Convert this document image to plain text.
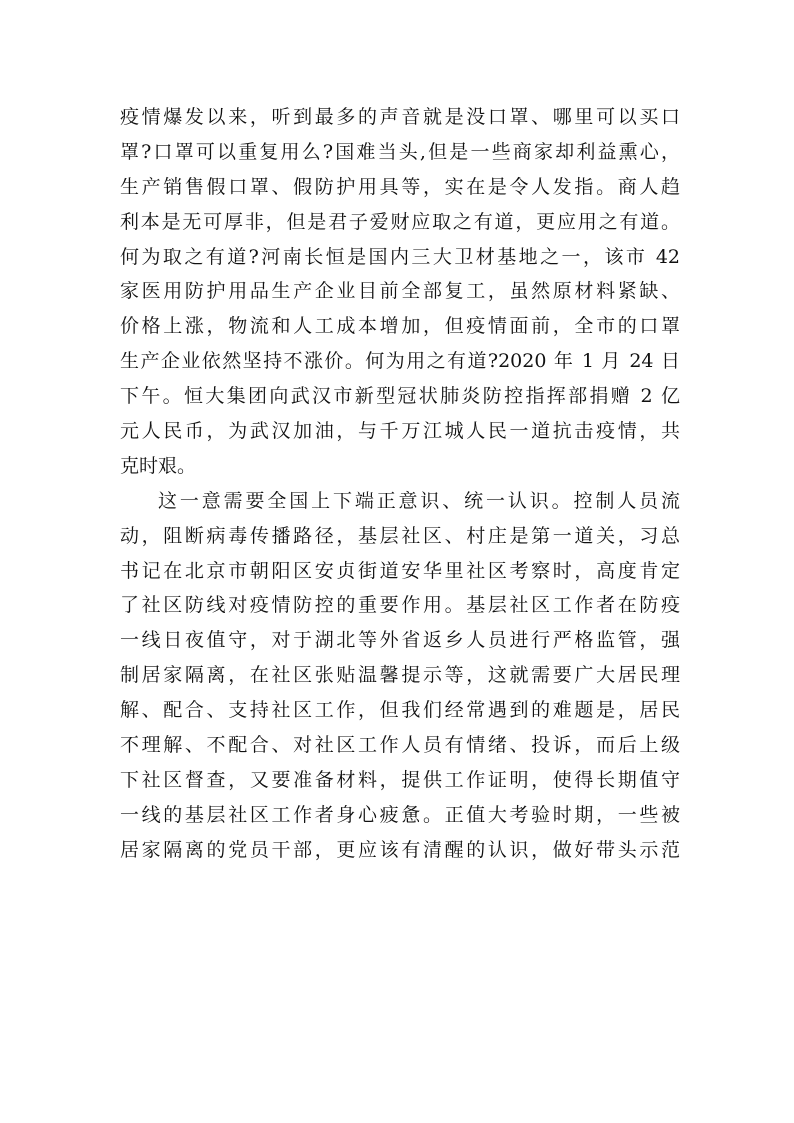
疫情爆发以来，听到最多的声音就是没口罩、哪里可以买口
罩?口罩可以重复用么?国难当头,但是一些商家却利益熏心，
生产销售假口罩、假防护用具等，实在是令人发指。商人趋
利本是无可厚非，但是君子爱财应取之有道，更应用之有道。
何为取之有道?河南长恒是国内三大卫材基地之一，该市 42
家医用防护用品生产企业目前全部复工，虽然原材料紧缺、
价格上涨，物流和人工成本增加，但疫情面前，全市的口罩
生产企业依然坚持不涨价。何为用之有道?2020 年 1 月 24 日
下午。恒大集团向武汉市新型冠状肺炎防控指挥部捐赠 2 亿
元人民币，为武汉加油，与千万江城人民一道抗击疫情，共
克时艰。
这一意需要全国上下端正意识、统一认识。控制人员流
动，阻断病毒传播路径，基层社区、村庄是第一道关，习总
书记在北京市朝阳区安贞街道安华里社区考察时，高度肯定
了社区防线对疫情防控的重要作用。基层社区工作者在防疫
一线日夜值守，对于湖北等外省返乡人员进行严格监管，强
制居家隔离，在社区张贴温馨提示等，这就需要广大居民理
解、配合、支持社区工作，但我们经常遇到的难题是，居民
不理解、不配合、对社区工作人员有情绪、投诉，而后上级
下社区督查，又要准备材料，提供工作证明，使得长期值守
一线的基层社区工作者身心疲惫。正值大考验时期，一些被
居家隔离的党员干部，更应该有清醒的认识，做好带头示范
